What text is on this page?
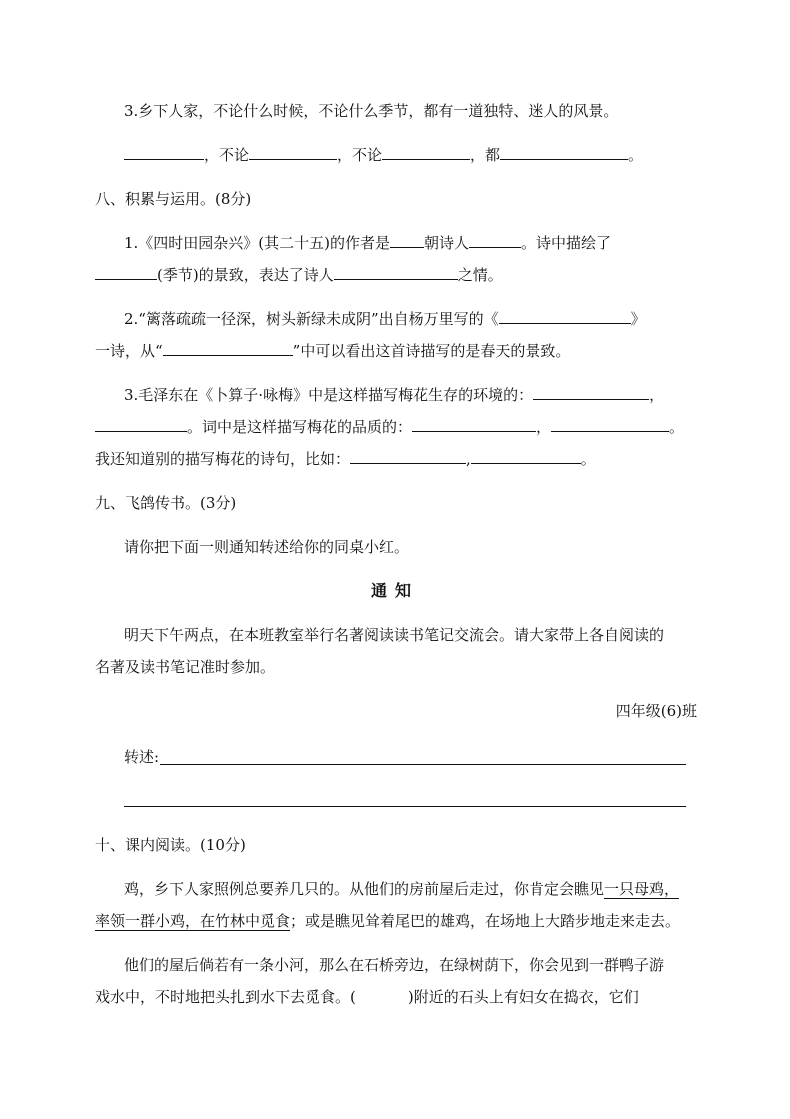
3.乡下人家，不论什么时候，不论什么季节，都有一道独特、迷人的风景。
，不论	，不论	，都	。
八、积累与运用。(8分)
1.《四时田园杂兴》(其二十五)的作者是 朝诗人	。诗中描绘了
(季节)的景致，表达了诗人	之情。
2.“篱落疏疏一径深，树头新绿未成阴”出自杨万里写的《	》
一诗，从“	”中可以看出这首诗描写的是春天的景致。
3.毛泽东在《卜算子·咏梅》中是这样描写梅花生存的环境的：	，
。词中是这样描写梅花的品质的：	，	。
我还知道别的描写梅花的诗句，比如：	,	。
九、飞鸽传书。(3分)
请你把下面一则通知转述给你的同桌小红。
通知
明天下午两点，在本班教室举行名著阅读读书笔记交流会。请大家带上各自阅读的
名著及读书笔记准时参加。
四年级(6)班
转述:
十、课内阅读。(10分)
鸡，乡下人家照例总要养几只的。从他们的房前屋后走过，你肯定会瞧见一只母鸡，
率领一群小鸡，在竹林中觅食；或是瞧见耸着尾巴的雄鸡，在场地上大踏步地走来走去。
他们的屋后倘若有一条小河，那么在石桥旁边，在绿树荫下，你会见到一群鸭子游
戏水中，不时地把头扎到水下去觅食。(	)附近的石头上有妇女在捣衣，它们
